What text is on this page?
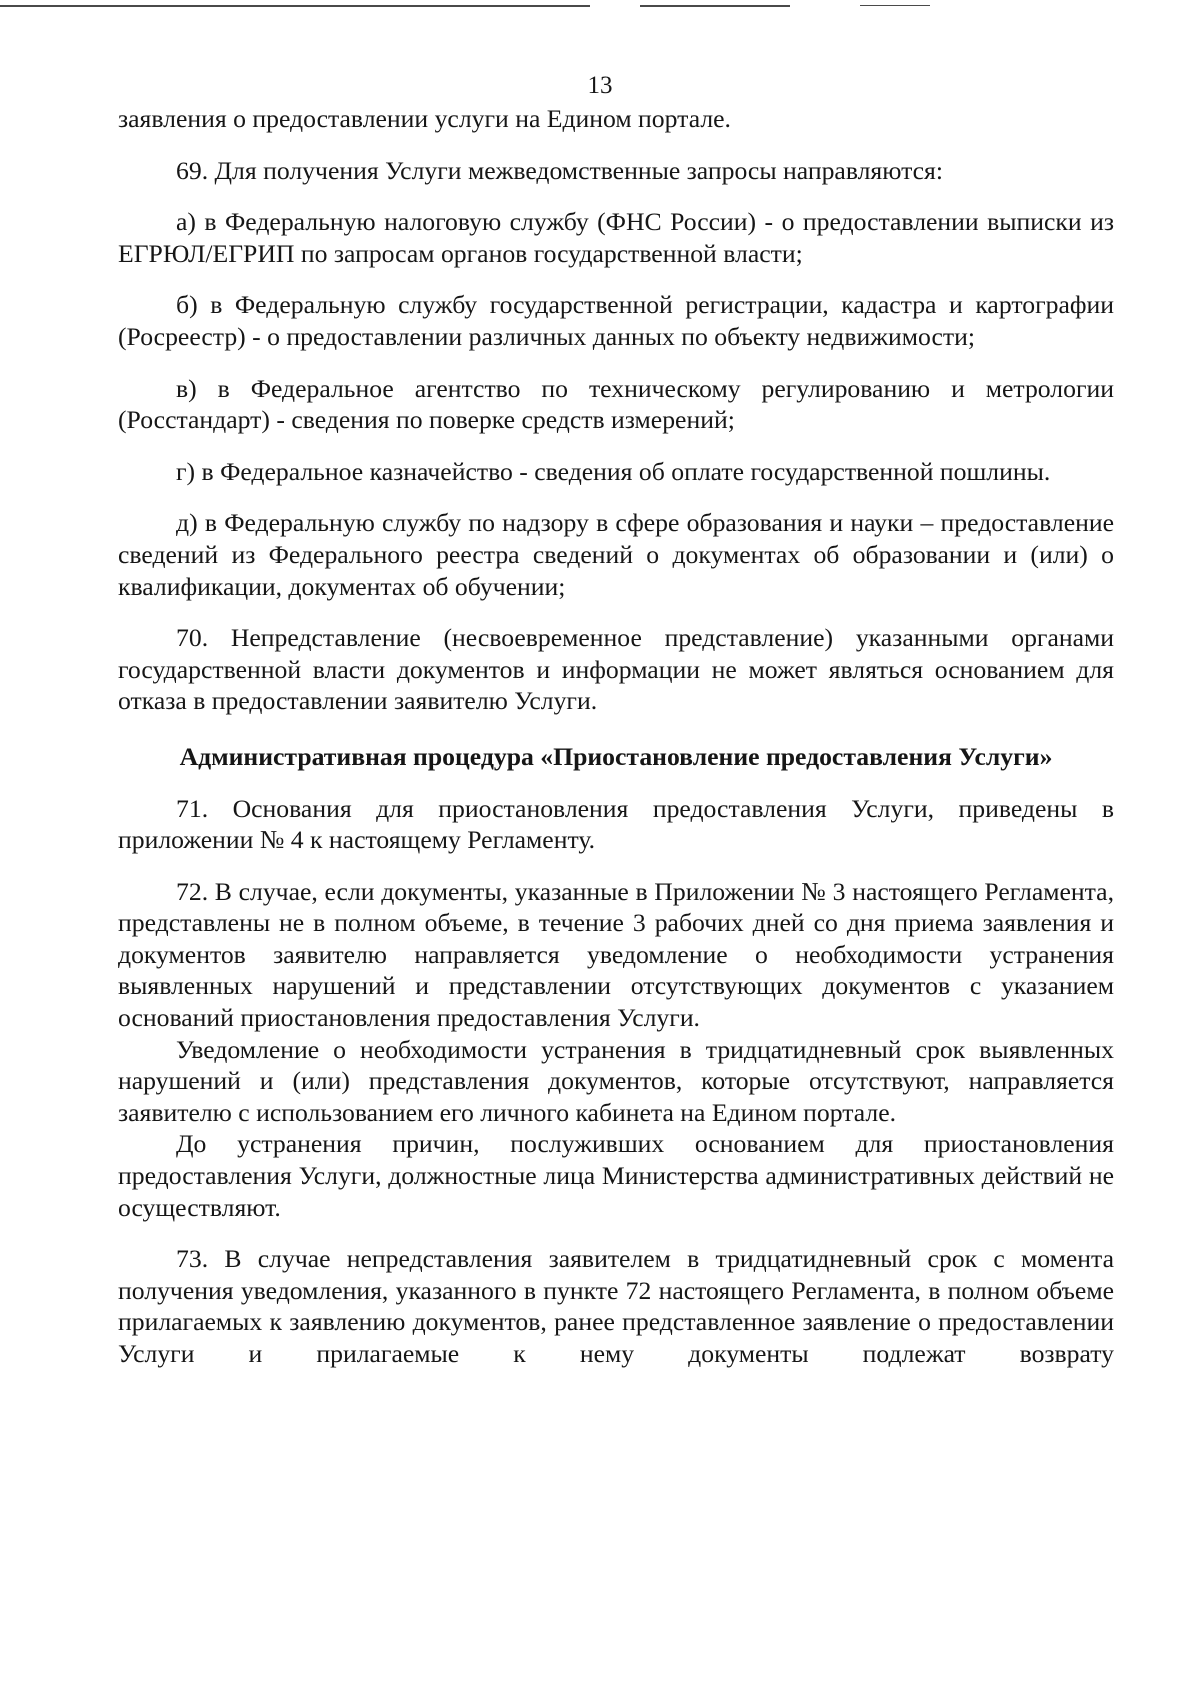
13

заявления о предоставлении услуги на Едином портале.

69. Для получения Услуги межведомственные запросы направляются:

а) в Федеральную налоговую службу (ФНС России) - о предоставлении выписки из ЕГРЮЛ/ЕГРИП по запросам органов государственной власти;

б) в Федеральную службу государственной регистрации, кадастра и картографии (Росреестр) - о предоставлении различных данных по объекту недвижимости;

в) в Федеральное агентство по техническому регулированию и метрологии (Росстандарт) - сведения по поверке средств измерений;

г) в Федеральное казначейство - сведения об оплате государственной пошлины.

д) в Федеральную службу по надзору в сфере образования и науки – предоставление сведений из Федерального реестра сведений о документах об образовании и (или) о квалификации, документах об обучении;

70. Непредставление (несвоевременное представление) указанными органами государственной власти документов и информации не может являться основанием для отказа в предоставлении заявителю Услуги.

Административная процедура «Приостановление предоставления Услуги»

71. Основания для приостановления предоставления Услуги, приведены в приложении № 4 к настоящему Регламенту.

72. В случае, если документы, указанные в Приложении № 3 настоящего Регламента, представлены не в полном объеме, в течение 3 рабочих дней со дня приема заявления и документов заявителю направляется уведомление о необходимости устранения выявленных нарушений и представлении отсутствующих документов с указанием оснований приостановления предоставления Услуги.

Уведомление о необходимости устранения в тридцатидневный срок выявленных нарушений и (или) представления документов, которые отсутствуют, направляется заявителю с использованием его личного кабинета на Едином портале.

До устранения причин, послуживших основанием для приостановления предоставления Услуги, должностные лица Министерства административных действий не осуществляют.

73. В случае непредставления заявителем в тридцатидневный срок с момента получения уведомления, указанного в пункте 72 настоящего Регламента, в полном объеме прилагаемых к заявлению документов, ранее представленное заявление о предоставлении Услуги и прилагаемые к нему документы подлежат возврату
